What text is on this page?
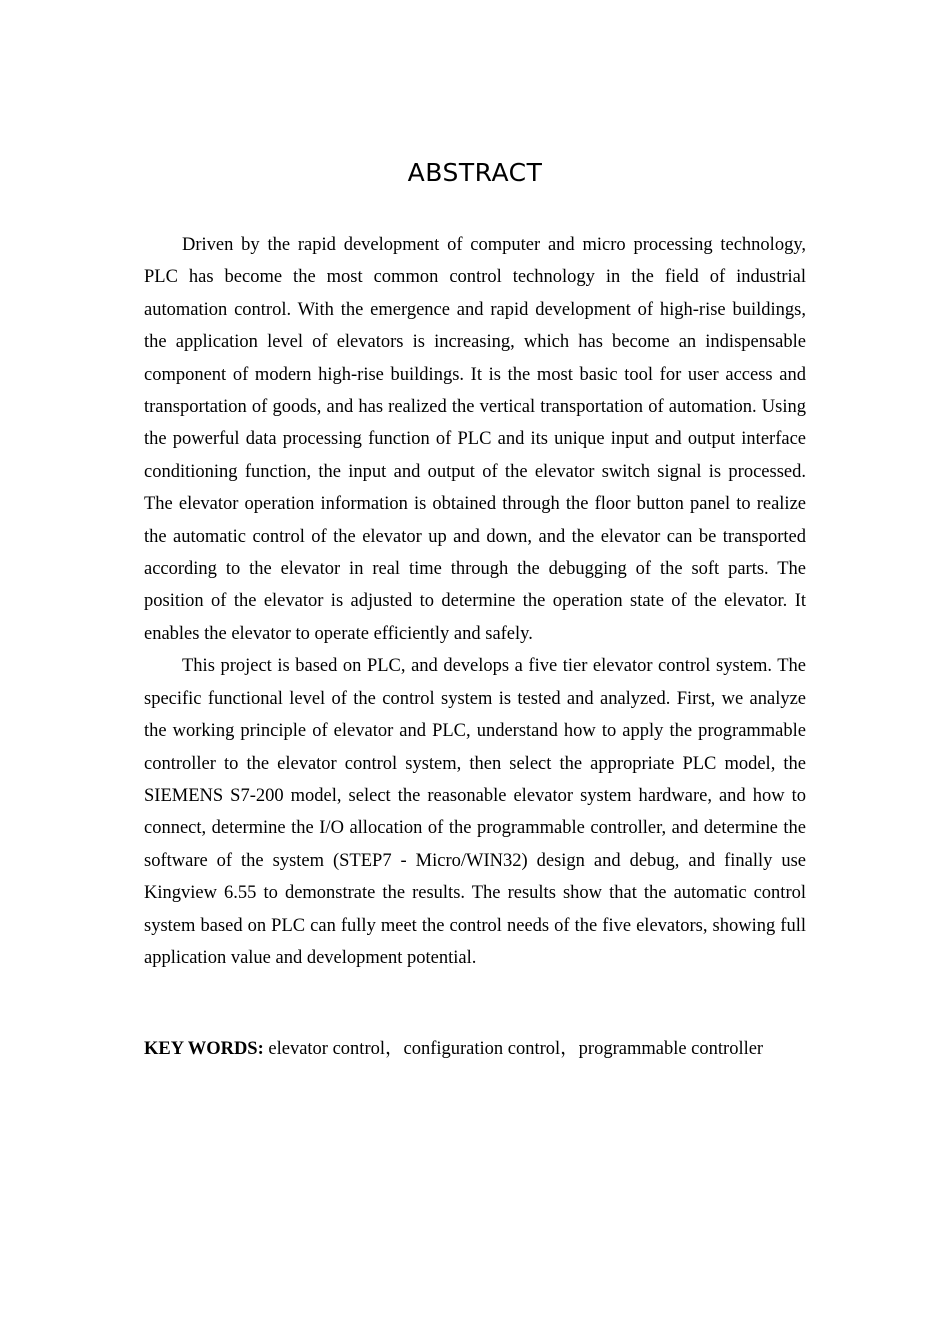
ABSTRACT

Driven by the rapid development of computer and micro processing technology, PLC has become the most common control technology in the field of industrial automation control. With the emergence and rapid development of high-rise buildings, the application level of elevators is increasing, which has become an indispensable component of modern high-rise buildings. It is the most basic tool for user access and transportation of goods, and has realized the vertical transportation of automation. Using the powerful data processing function of PLC and its unique input and output interface conditioning function, the input and output of the elevator switch signal is processed. The elevator operation information is obtained through the floor button panel to realize the automatic control of the elevator up and down, and the elevator can be transported according to the elevator in real time through the debugging of the soft parts. The position of the elevator is adjusted to determine the operation state of the elevator. It enables the elevator to operate efficiently and safely.

This project is based on PLC, and develops a five tier elevator control system. The specific functional level of the control system is tested and analyzed. First, we analyze the working principle of elevator and PLC, understand how to apply the programmable controller to the elevator control system, then select the appropriate PLC model, the SIEMENS S7-200 model, select the reasonable elevator system hardware, and how to connect, determine the I/O allocation of the programmable controller, and determine the software of the system (STEP7 - Micro/WIN32) design and debug, and finally use Kingview 6.55 to demonstrate the results. The results show that the automatic control system based on PLC can fully meet the control needs of the five elevators, showing full application value and development potential.

KEY WORDS: elevator control，configuration control，programmable controller
